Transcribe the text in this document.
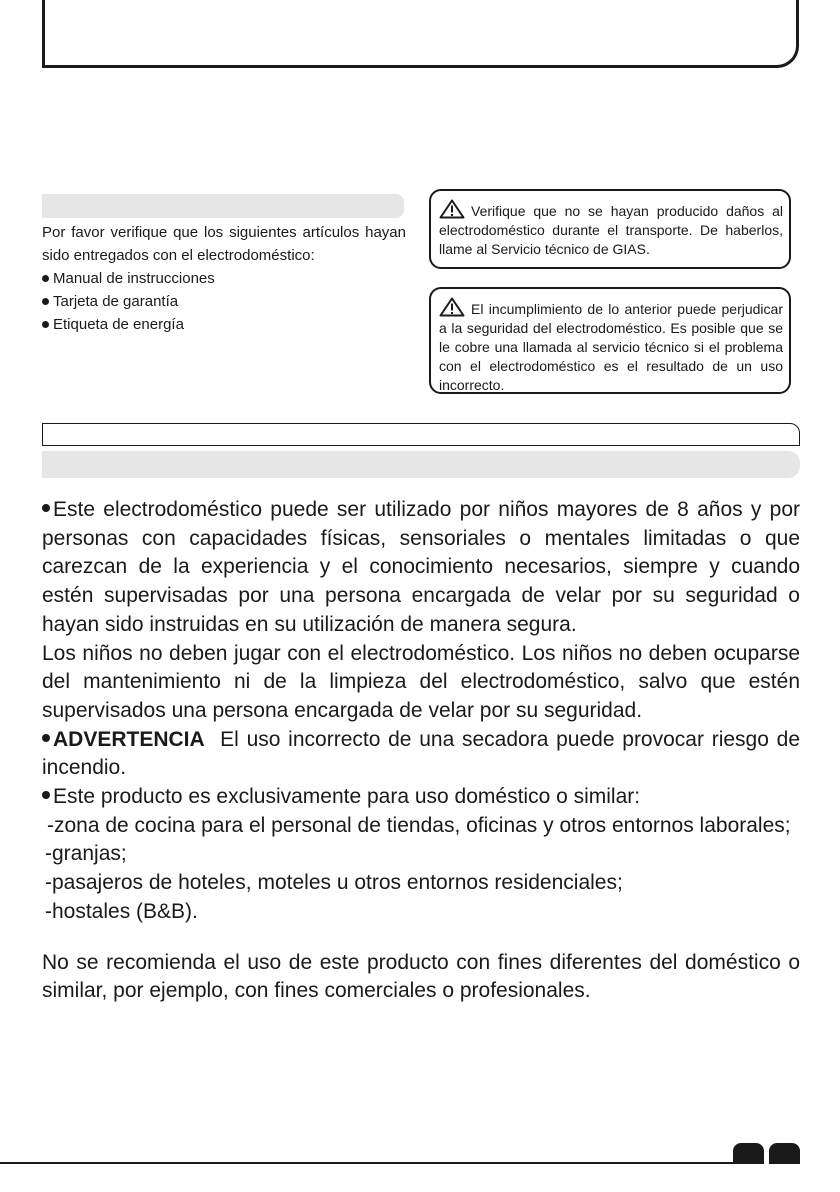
Por favor verifique que los siguientes artículos hayan sido entregados con el electrodoméstico:
Manual de instrucciones
Tarjeta de garantía
Etiqueta de energía
Verifique que no se hayan producido daños al electrodoméstico durante el transporte. De haberlos, llame al Servicio técnico de GIAS.
El incumplimiento de lo anterior puede perjudicar a la seguridad del electrodoméstico. Es posible que se le cobre una llamada al servicio técnico si el problema con el electrodoméstico es el resultado de un uso incorrecto.

Este electrodoméstico puede ser utilizado por niños mayores de 8 años y por personas con capacidades físicas, sensoriales o mentales limitadas o que carezcan de la experiencia y el conocimiento necesarios, siempre y cuando estén supervisadas por una persona encargada de velar por su seguridad o hayan sido instruidas en su utilización de manera segura.

Los niños no deben jugar con el electrodoméstico. Los niños no deben ocuparse del mantenimiento ni de la limpieza del electrodoméstico, salvo que estén supervisados una persona encargada de velar por su seguridad.

ADVERTENCIA El uso incorrecto de una secadora puede provocar riesgo de incendio.

Este producto es exclusivamente para uso doméstico o similar:

-zona de cocina para el personal de tiendas, oficinas y otros entornos laborales;

-granjas;

-pasajeros de hoteles, moteles u otros entornos residenciales;

-hostales (B&B).

No se recomienda el uso de este producto con fines diferentes del doméstico o similar, por ejemplo, con fines comerciales o profesionales.
